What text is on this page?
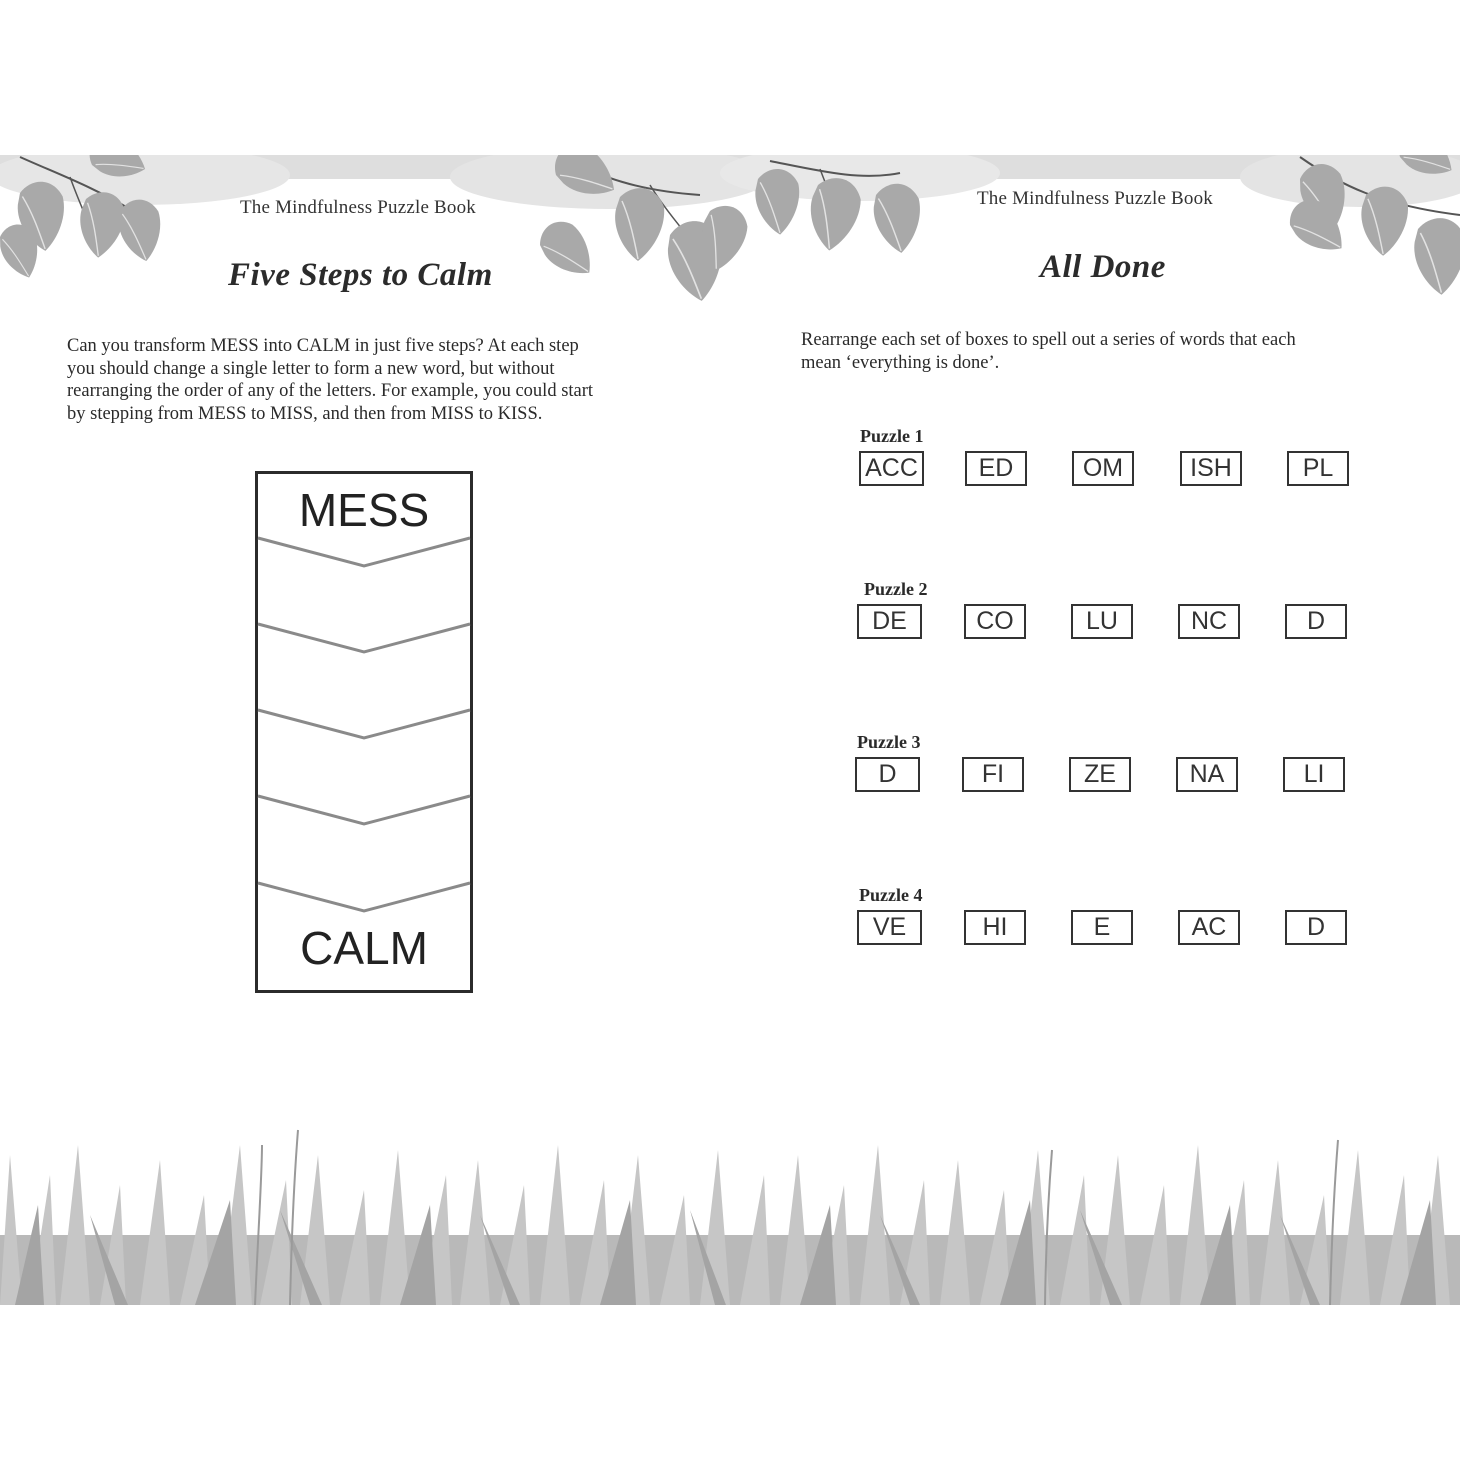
The Mindfulness Puzzle Book
Five Steps to Calm
Can you transform MESS into CALM in just five steps? At each step
you should change a single letter to form a new word, but without
rearranging the order of any of the letters. For example, you could start
by stepping from MESS to MISS, and then from MISS to KISS.
MESS
CALM
The Mindfulness Puzzle Book
All Done
Rearrange each set of boxes to spell out a series of words that each
mean ‘everything is done’.
Puzzle 1
ACC	ED	OM	ISH	PL
Puzzle 2
DE	CO	LU	NC	D
Puzzle 3
D	FI	ZE	NA	LI
Puzzle 4
VE	HI	E	AC	D
